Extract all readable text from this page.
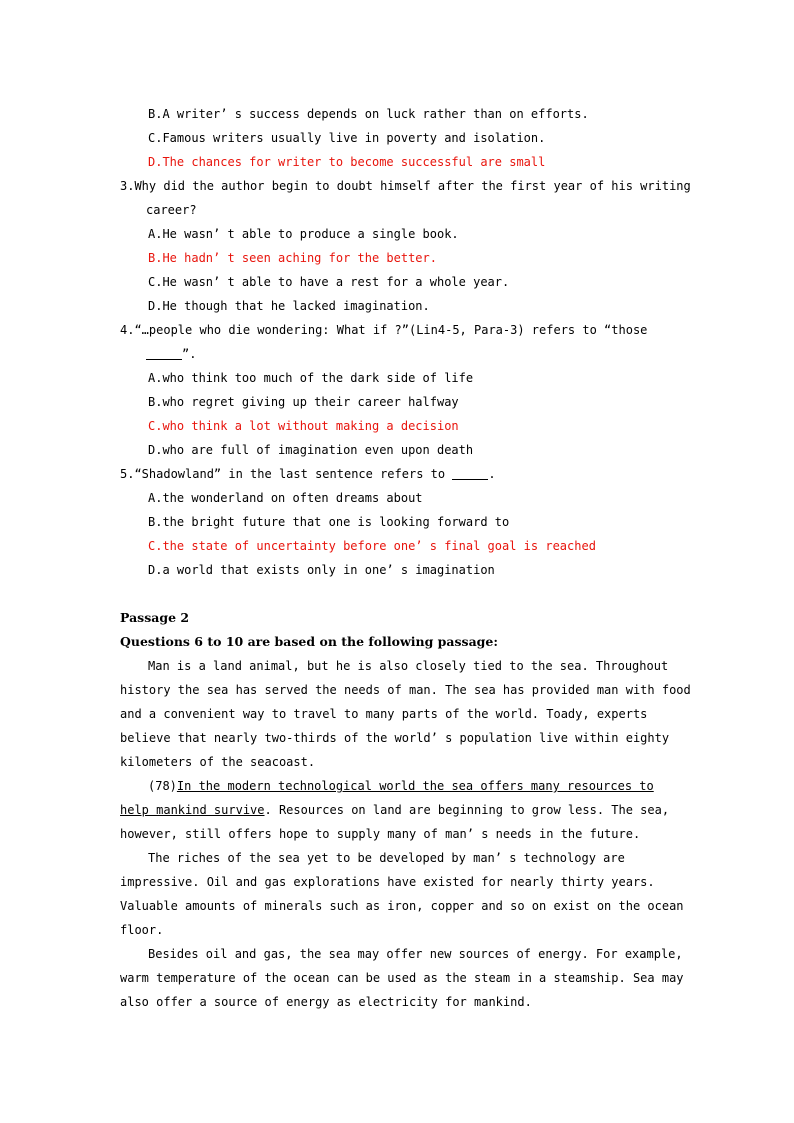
B.A writer’ s success depends on luck rather than on efforts.
C.Famous writers usually live in poverty and isolation.
D.The chances for writer to become successful are small
3.Why did the author begin to doubt himself after the first year of his writing
career?
A.He wasn’ t able to produce a single book.
B.He hadn’ t seen aching for the better.
C.He wasn’ t able to have a rest for a whole year.
D.He though that he lacked imagination.
4.“…people who die wondering: What if ?”(Lin4-5, Para-3) refers to “those
”.
A.who think too much of the dark side of life
B.who regret giving up their career halfway
C.who think a lot without making a decision
D.who are full of imagination even upon death
5.“Shadowland” in the last sentence refers to	.
A.the wonderland on often dreams about
B.the bright future that one is looking forward to
C.the state of uncertainty before one’ s final goal is reached
D.a world that exists only in one’ s imagination
Passage 2
Questions 6 to 10 are based on the following passage:
Man is a land animal, but he is also closely tied to the sea. Throughout
history the sea has served the needs of man. The sea has provided man with food
and a convenient way to travel to many parts of the world. Toady, experts
believe that nearly two-thirds of the world’ s population live within eighty
kilometers of the seacoast.
(78)In the modern technological world the sea offers many resources to
help mankind survive. Resources on land are beginning to grow less. The sea,
however, still offers hope to supply many of man’ s needs in the future.
The riches of the sea yet to be developed by man’ s technology are
impressive. Oil and gas explorations have existed for nearly thirty years.
Valuable amounts of minerals such as iron, copper and so on exist on the ocean
floor.
Besides oil and gas, the sea may offer new sources of energy. For example,
warm temperature of the ocean can be used as the steam in a steamship. Sea may
also offer a source of energy as electricity for mankind.
